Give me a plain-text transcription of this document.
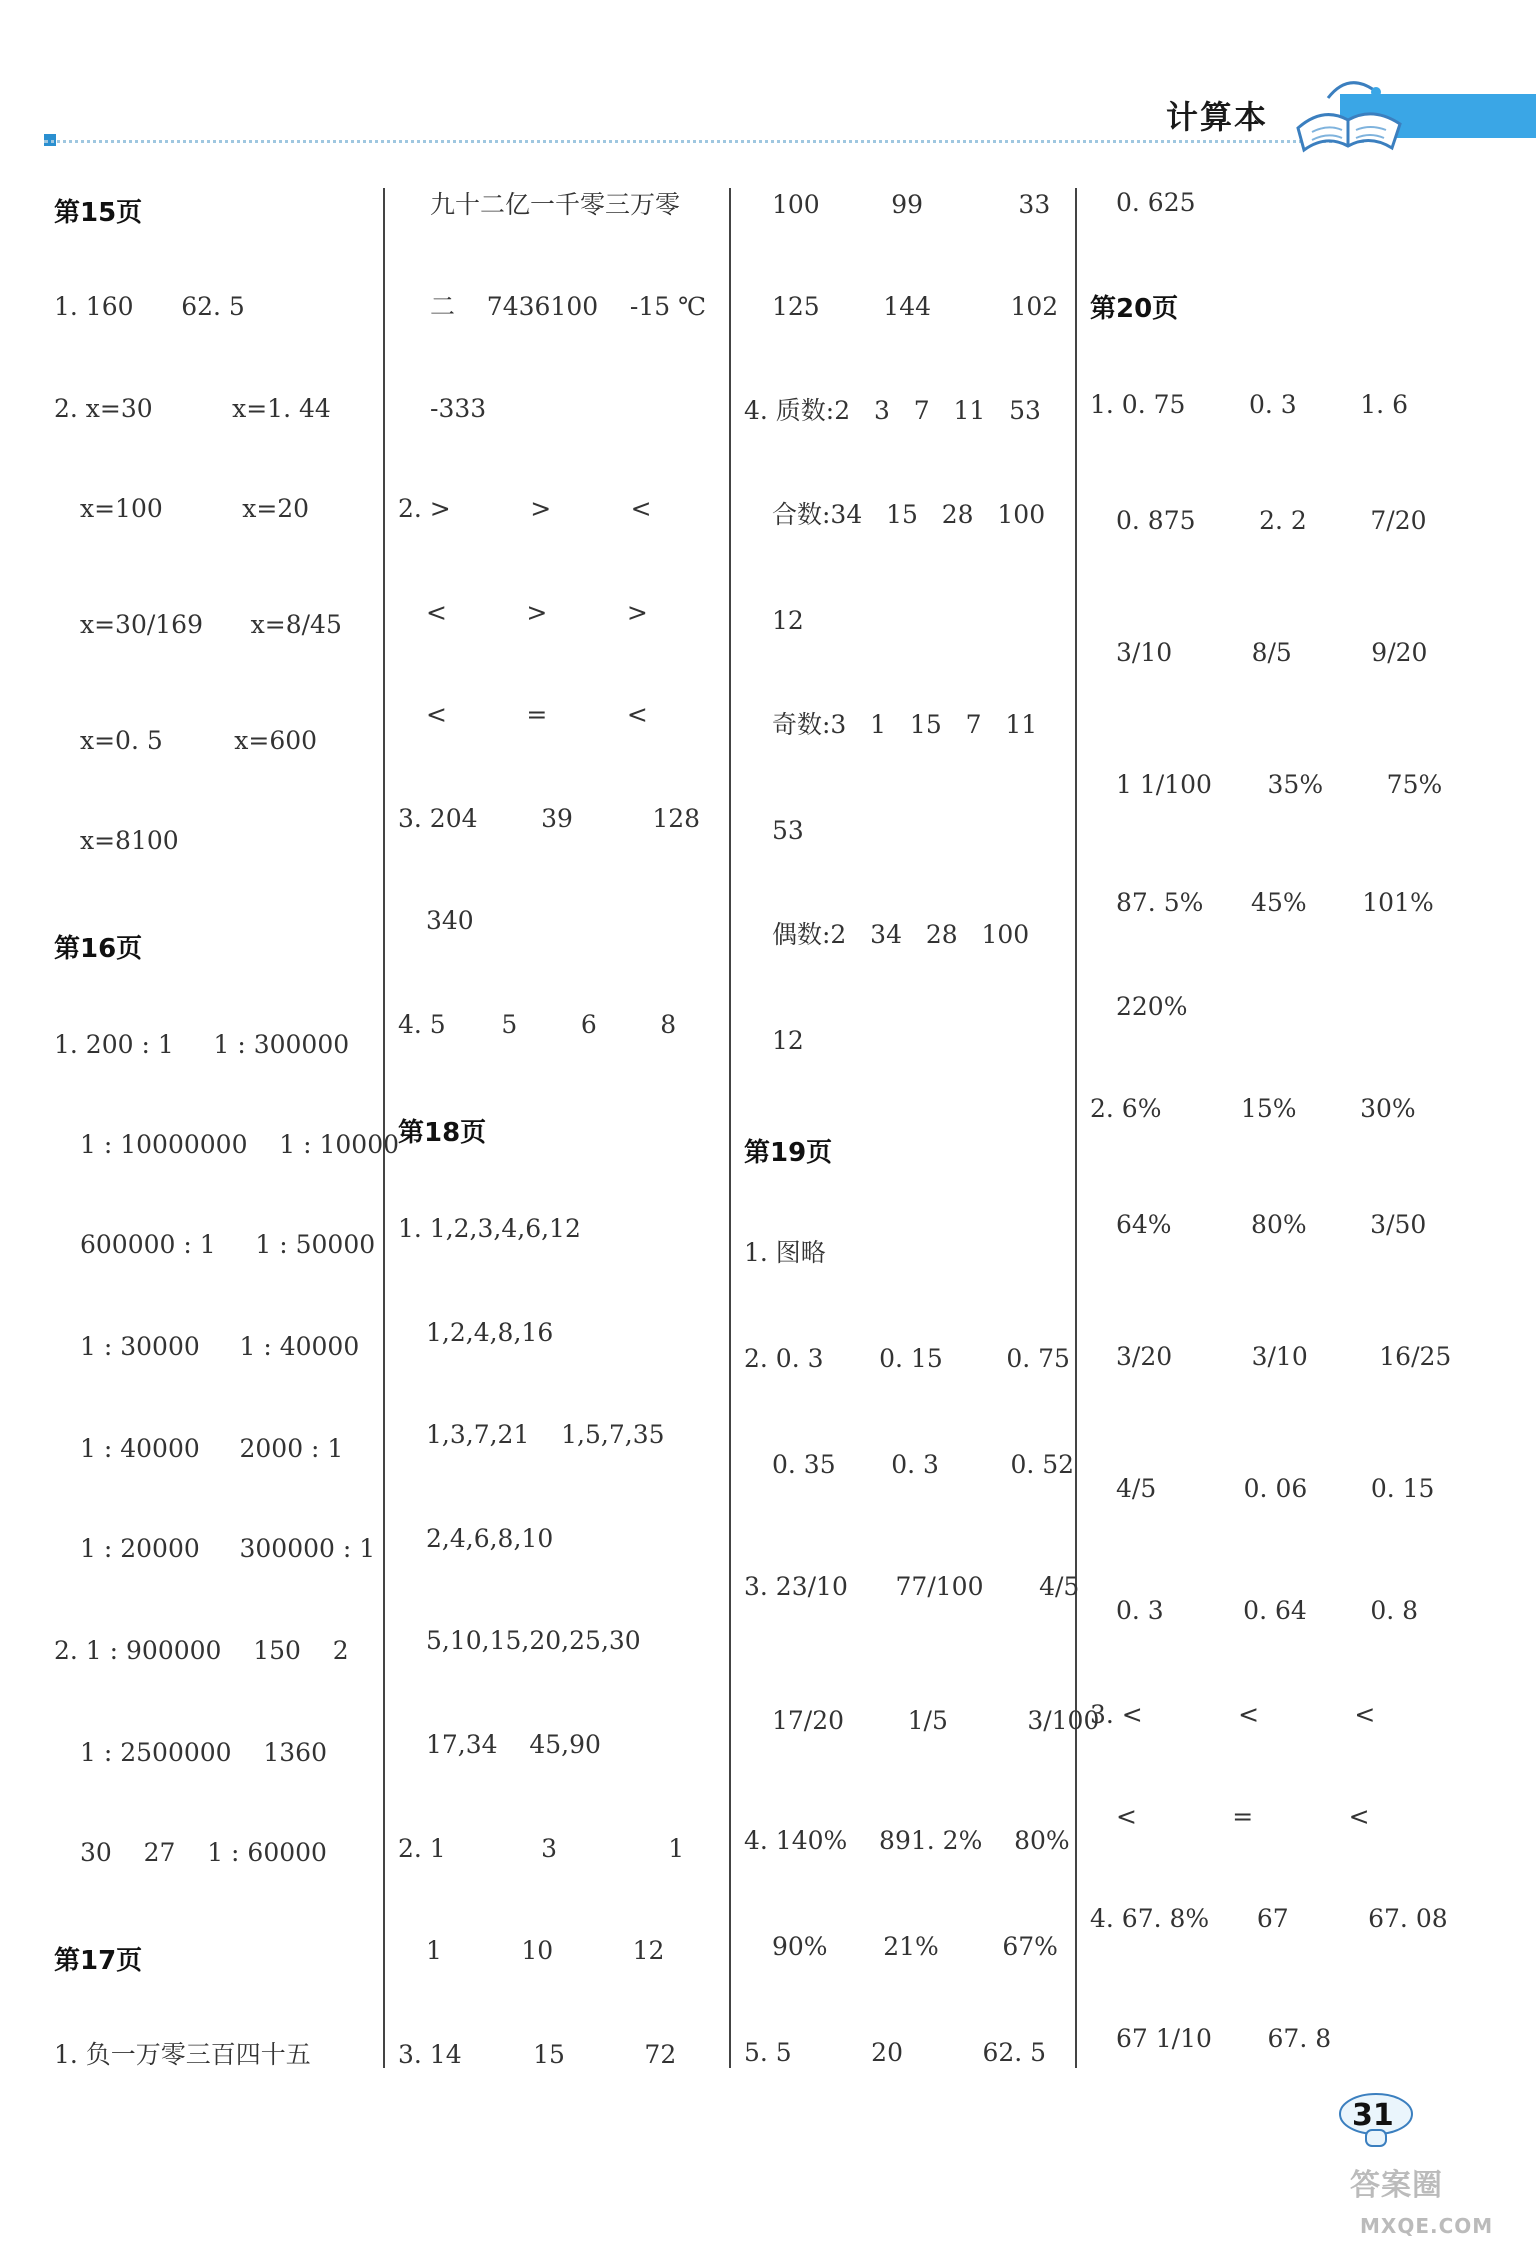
计算本
第15页
1. 160      62. 5
2. x=30          x=1. 44
x=100          x=20
x=30/169      x=8/45
x=0. 5         x=600
x=8100
第16页
1. 200 : 1     1 : 300000
1 : 10000000    1 : 10000
600000 : 1     1 : 50000
1 : 30000     1 : 40000
1 : 40000     2000 : 1
1 : 20000     300000 : 1
2. 1 : 900000    150    2
1 : 2500000    1360
30    27    1 : 60000
第17页
1. 负一万零三百四十五
九十二亿一千零三万零
二    7436100    -15 ℃
-333
2. >          >          <
<          >          >
<          =          <
3. 204        39          128
340
4. 5       5        6        8
第18页
1. 1,2,3,4,6,12
1,2,4,8,16
1,3,7,21    1,5,7,35
2,4,6,8,10
5,10,15,20,25,30
17,34    45,90
2. 1            3              1
1          10          12
3. 14         15          72
100         99            33
125        144          102
4. 质数:2   3   7   11   53
合数:34   15   28   100
12
奇数:3   1   15   7   11
53
偶数:2   34   28   100
12
第19页
1. 图略
2. 0. 3       0. 15        0. 75
0. 35       0. 3         0. 52
3. 23/10      77/100       4/5
17/20        1/5          3/100
4. 140%    891. 2%    80%
90%       21%        67%
5. 5          20          62. 5
0. 625
第20页
1. 0. 75        0. 3        1. 6
0. 875        2. 2        7/20
3/10          8/5          9/20
1 1/100       35%        75%
87. 5%      45%       101%
220%
2. 6%          15%        30%
64%          80%        3/50
3/20          3/10         16/25
4/5           0. 06        0. 15
0. 3          0. 64        0. 8
3. <            <            <
<            =            <
4. 67. 8%      67          67. 08
67 1/10       67. 8
31
答案圈
MXQE.COM
